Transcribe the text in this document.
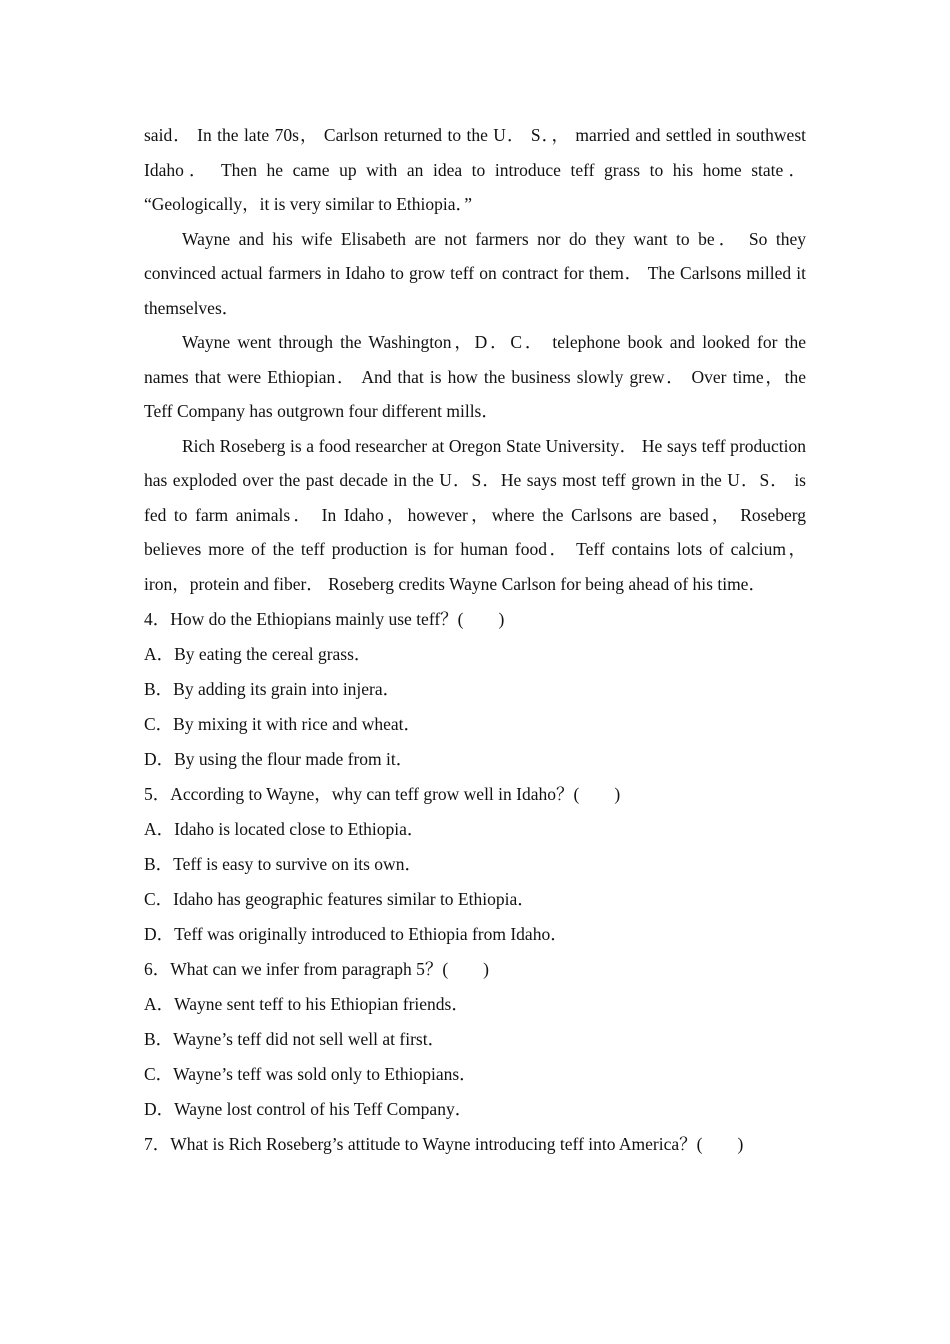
said． In the late 70s， Carlson returned to the U． S．， married and settled in southwest Idaho． Then he came up with an idea to introduce teff grass to his home state． “Geologically，it is very similar to Ethiopia．”

Wayne and his wife Elisabeth are not farmers nor do they want to be． So they convinced actual farmers in Idaho to grow teff on contract for them． The Carlsons milled it themselves．

Wayne went through the Washington，D．C． telephone book and looked for the names that were Ethiopian． And that is how the business slowly grew． Over time，the Teff Company has outgrown four different mills．

Rich Roseberg is a food researcher at Oregon State University． He says teff production has exploded over the past decade in the U．S．He says most teff grown in the U．S． is fed to farm animals． In Idaho，however，where the Carlsons are based， Roseberg believes more of the teff production is for human food． Teff contains lots of calcium，iron，protein and fiber． Roseberg credits Wayne Carlson for being ahead of his time．

4．How do the Ethiopians mainly use teff？(　　)

A．By eating the cereal grass．

B．By adding its grain into injera．

C．By mixing it with rice and wheat．

D．By using the flour made from it．

5．According to Wayne，why can teff grow well in Idaho？(　　)

A．Idaho is located close to Ethiopia．

B．Teff is easy to survive on its own．

C．Idaho has geographic features similar to Ethiopia．

D．Teff was originally introduced to Ethiopia from Idaho．

6．What can we infer from paragraph 5？(　　)

A．Wayne sent teff to his Ethiopian friends．

B．Wayne’s teff did not sell well at first．

C．Wayne’s teff was sold only to Ethiopians．

D．Wayne lost control of his Teff Company．

7．What is Rich Roseberg’s attitude to Wayne introducing teff into America？(　　)
